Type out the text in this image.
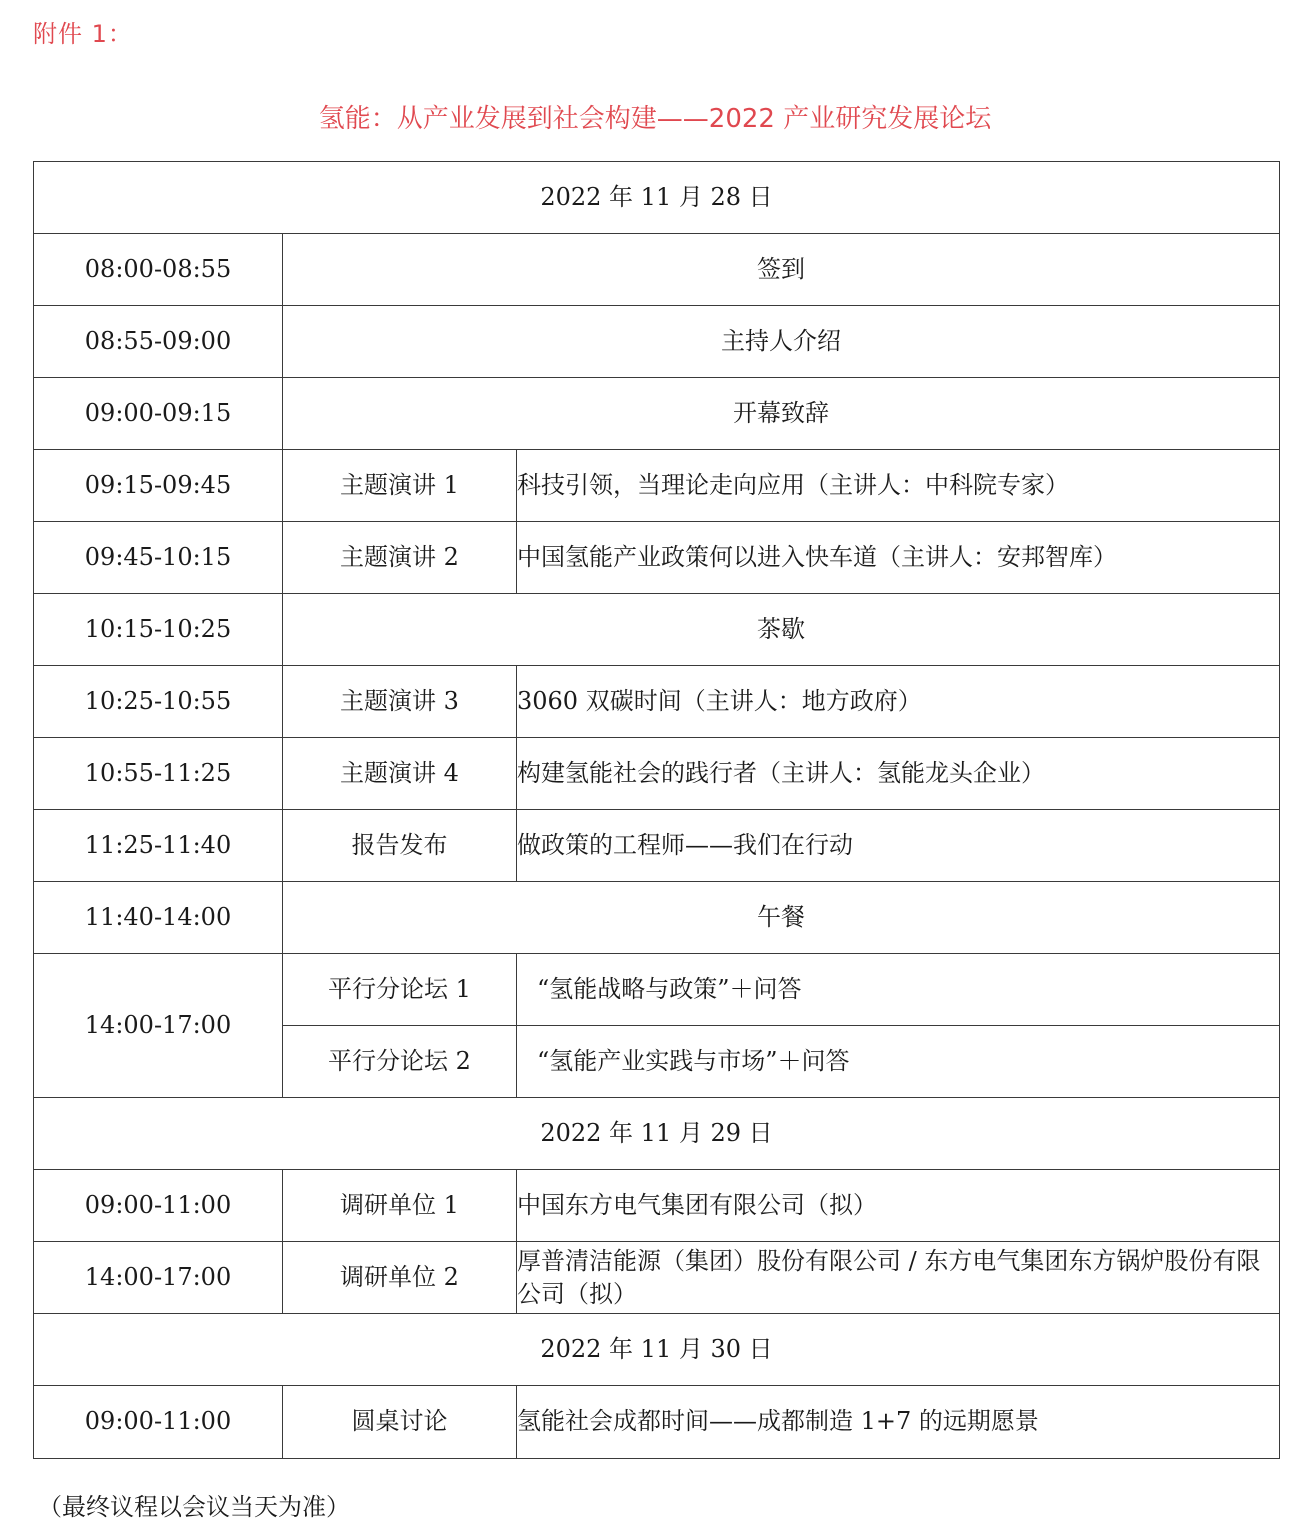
附件 1：
氢能：从产业发展到社会构建——2022 产业研究发展论坛
2022 年 11 月 28 日		
08:00-08:55	签到	
08:55-09:00	主持人介绍	
09:00-09:15	开幕致辞	
09:15-09:45	主题演讲 1	科技引领，当理论走向应用（主讲人：中科院专家）
09:45-10:15	主题演讲 2	中国氢能产业政策何以进入快车道（主讲人：安邦智库）
10:15-10:25	茶歇	
10:25-10:55	主题演讲 3	3060 双碳时间（主讲人：地方政府）
10:55-11:25	主题演讲 4	构建氢能社会的践行者（主讲人：氢能龙头企业）
11:25-11:40	报告发布	做政策的工程师——我们在行动
11:40-14:00	午餐	
14:00-17:00	平行分论坛 1	“氢能战略与政策”＋问答
	平行分论坛 2	“氢能产业实践与市场”＋问答
2022 年 11 月 29 日		
09:00-11:00	调研单位 1	中国东方电气集团有限公司（拟）
14:00-17:00	调研单位 2	厚普清洁能源（集团）股份有限公司 / 东方电气集团东方锅炉股份有限公司（拟）
2022 年 11 月 30 日		
09:00-11:00	圆桌讨论	氢能社会成都时间——成都制造 1+7 的远期愿景
（最终议程以会议当天为准）
